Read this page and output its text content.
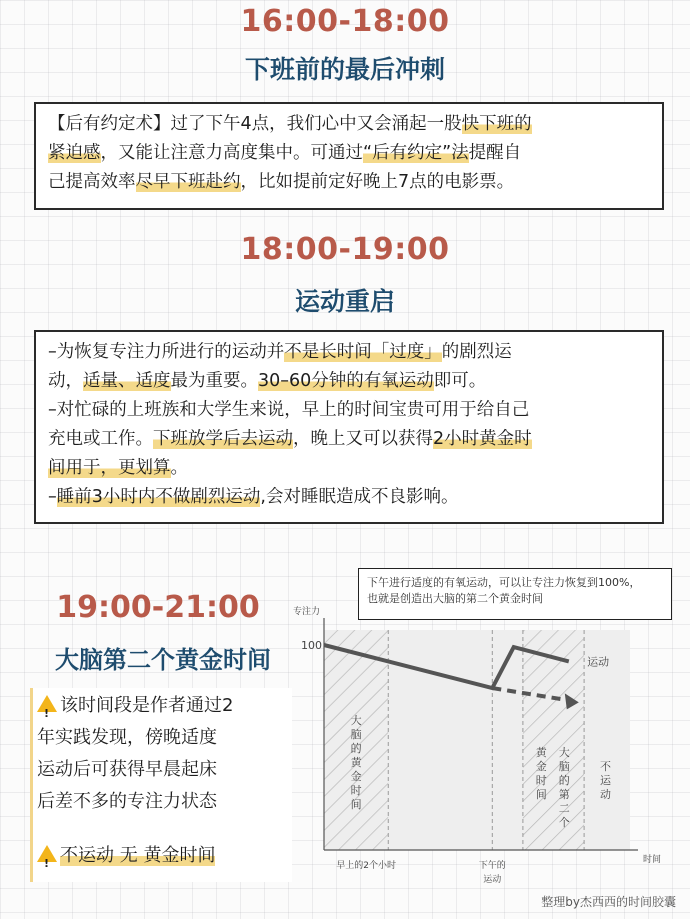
16:00-18:00
下班前的最后冲刺

【后有约定术】过了下午4点，我们心中又会涌起一股快下班的

紧迫感，又能让注意力高度集中。可通过“后有约定”法提醒自

己提高效率尽早下班赴约，比如提前定好晚上7点的电影票。

18:00-19:00
运动重启

–为恢复专注力所进行的运动并不是长时间「过度」的剧烈运

动，适量、适度最为重要。30–60分钟的有氧运动即可。

–对忙碌的上班族和大学生来说，早上的时间宝贵可用于给自己

充电或工作。下班放学后去运动，晚上又可以获得2小时黄金时

间用于，更划算。

–睡前3小时内不做剧烈运动,会对睡眠造成不良影响。

19:00-21:00
大脑第二个黄金时间
!该时间段是作者通过2
年实践发现，傍晚适度
运动后可获得早晨起床
后差不多的专注力状态
!不运动 无 黄金时间
下午进行适度的有氧运动，可以让专注力恢复到100%，
也就是创造出大脑的第二个黄金时间
专注力
时间
100
早上的2个小时	下午的
运动
大
脑
的
黄
金
时
间
黄
金
时
间
大
脑
的
第
二
个
运动
不
运
动
整理by杰西西的时间胶囊
